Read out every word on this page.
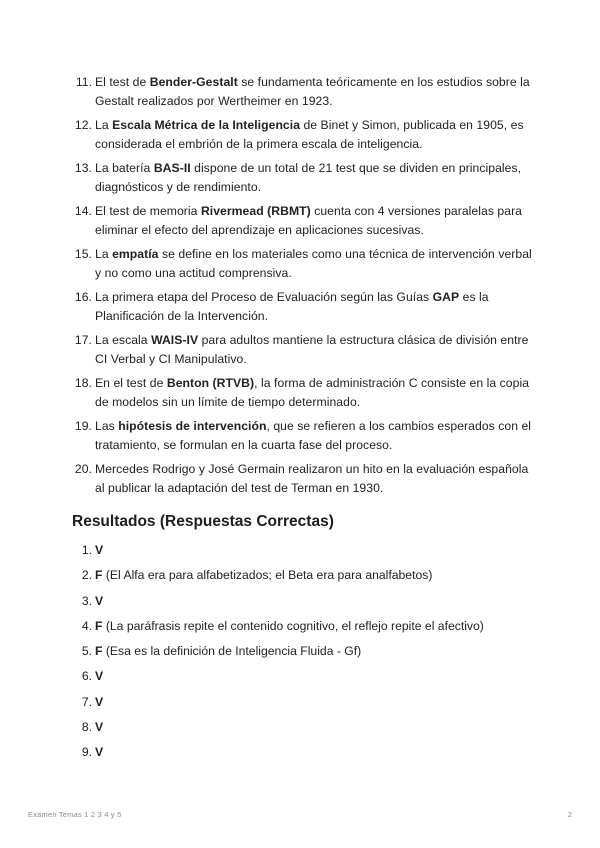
11. El test de Bender-Gestalt se fundamenta teóricamente en los estudios sobre la Gestalt realizados por Wertheimer en 1923.
12. La Escala Métrica de la Inteligencia de Binet y Simon, publicada en 1905, es considerada el embrión de la primera escala de inteligencia.
13. La batería BAS-II dispone de un total de 21 test que se dividen en principales, diagnósticos y de rendimiento.
14. El test de memoria Rivermead (RBMT) cuenta con 4 versiones paralelas para eliminar el efecto del aprendizaje en aplicaciones sucesivas.
15. La empatía se define en los materiales como una técnica de intervención verbal y no como una actitud comprensiva.
16. La primera etapa del Proceso de Evaluación según las Guías GAP es la Planificación de la Intervención.
17. La escala WAIS-IV para adultos mantiene la estructura clásica de división entre CI Verbal y CI Manipulativo.
18. En el test de Benton (RTVB), la forma de administración C consiste en la copia de modelos sin un límite de tiempo determinado.
19. Las hipótesis de intervención, que se refieren a los cambios esperados con el tratamiento, se formulan en la cuarta fase del proceso.
20. Mercedes Rodrigo y José Germain realizaron un hito en la evaluación española al publicar la adaptación del test de Terman en 1930.
Resultados (Respuestas Correctas)
1. V
2. F (El Alfa era para alfabetizados; el Beta era para analfabetos)
3. V
4. F (La paráfrasis repite el contenido cognitivo, el reflejo repite el afectivo)
5. F (Esa es la definición de Inteligencia Fluida - Gf)
6. V
7. V
8. V
9. V
Examen Temas 1 2 3 4 y 5	2
